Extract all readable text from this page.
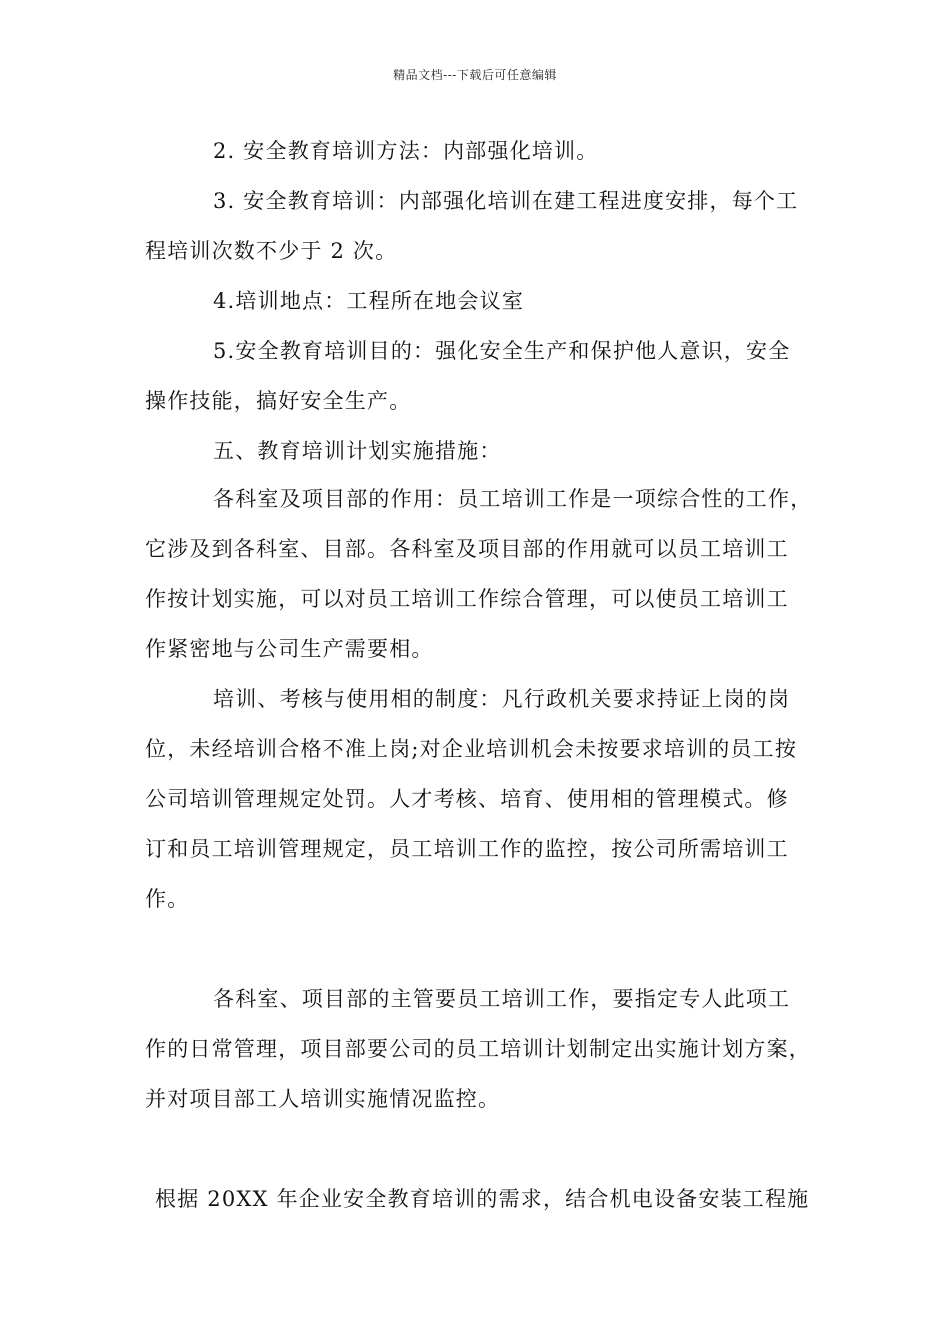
精品文档---下载后可任意编辑
2. 安全教育培训方法：内部强化培训。
3. 安全教育培训：内部强化培训在建工程进度安排，每个工
程培训次数不少于 2 次。
4.培训地点：工程所在地会议室
5.安全教育培训目的：强化安全生产和保护他人意识，安全
操作技能，搞好安全生产。
五、教育培训计划实施措施：
各科室及项目部的作用：员工培训工作是一项综合性的工作，
它涉及到各科室、目部。各科室及项目部的作用就可以员工培训工
作按计划实施，可以对员工培训工作综合管理，可以使员工培训工
作紧密地与公司生产需要相。
培训、考核与使用相的制度：凡行政机关要求持证上岗的岗
位，未经培训合格不准上岗;对企业培训机会未按要求培训的员工按
公司培训管理规定处罚。人才考核、培育、使用相的管理模式。修
订和员工培训管理规定，员工培训工作的监控，按公司所需培训工
作。
各科室、项目部的主管要员工培训工作，要指定专人此项工
作的日常管理，项目部要公司的员工培训计划制定出实施计划方案，
并对项目部工人培训实施情况监控。
根据 20XX 年企业安全教育培训的需求，结合机电设备安装工程施
